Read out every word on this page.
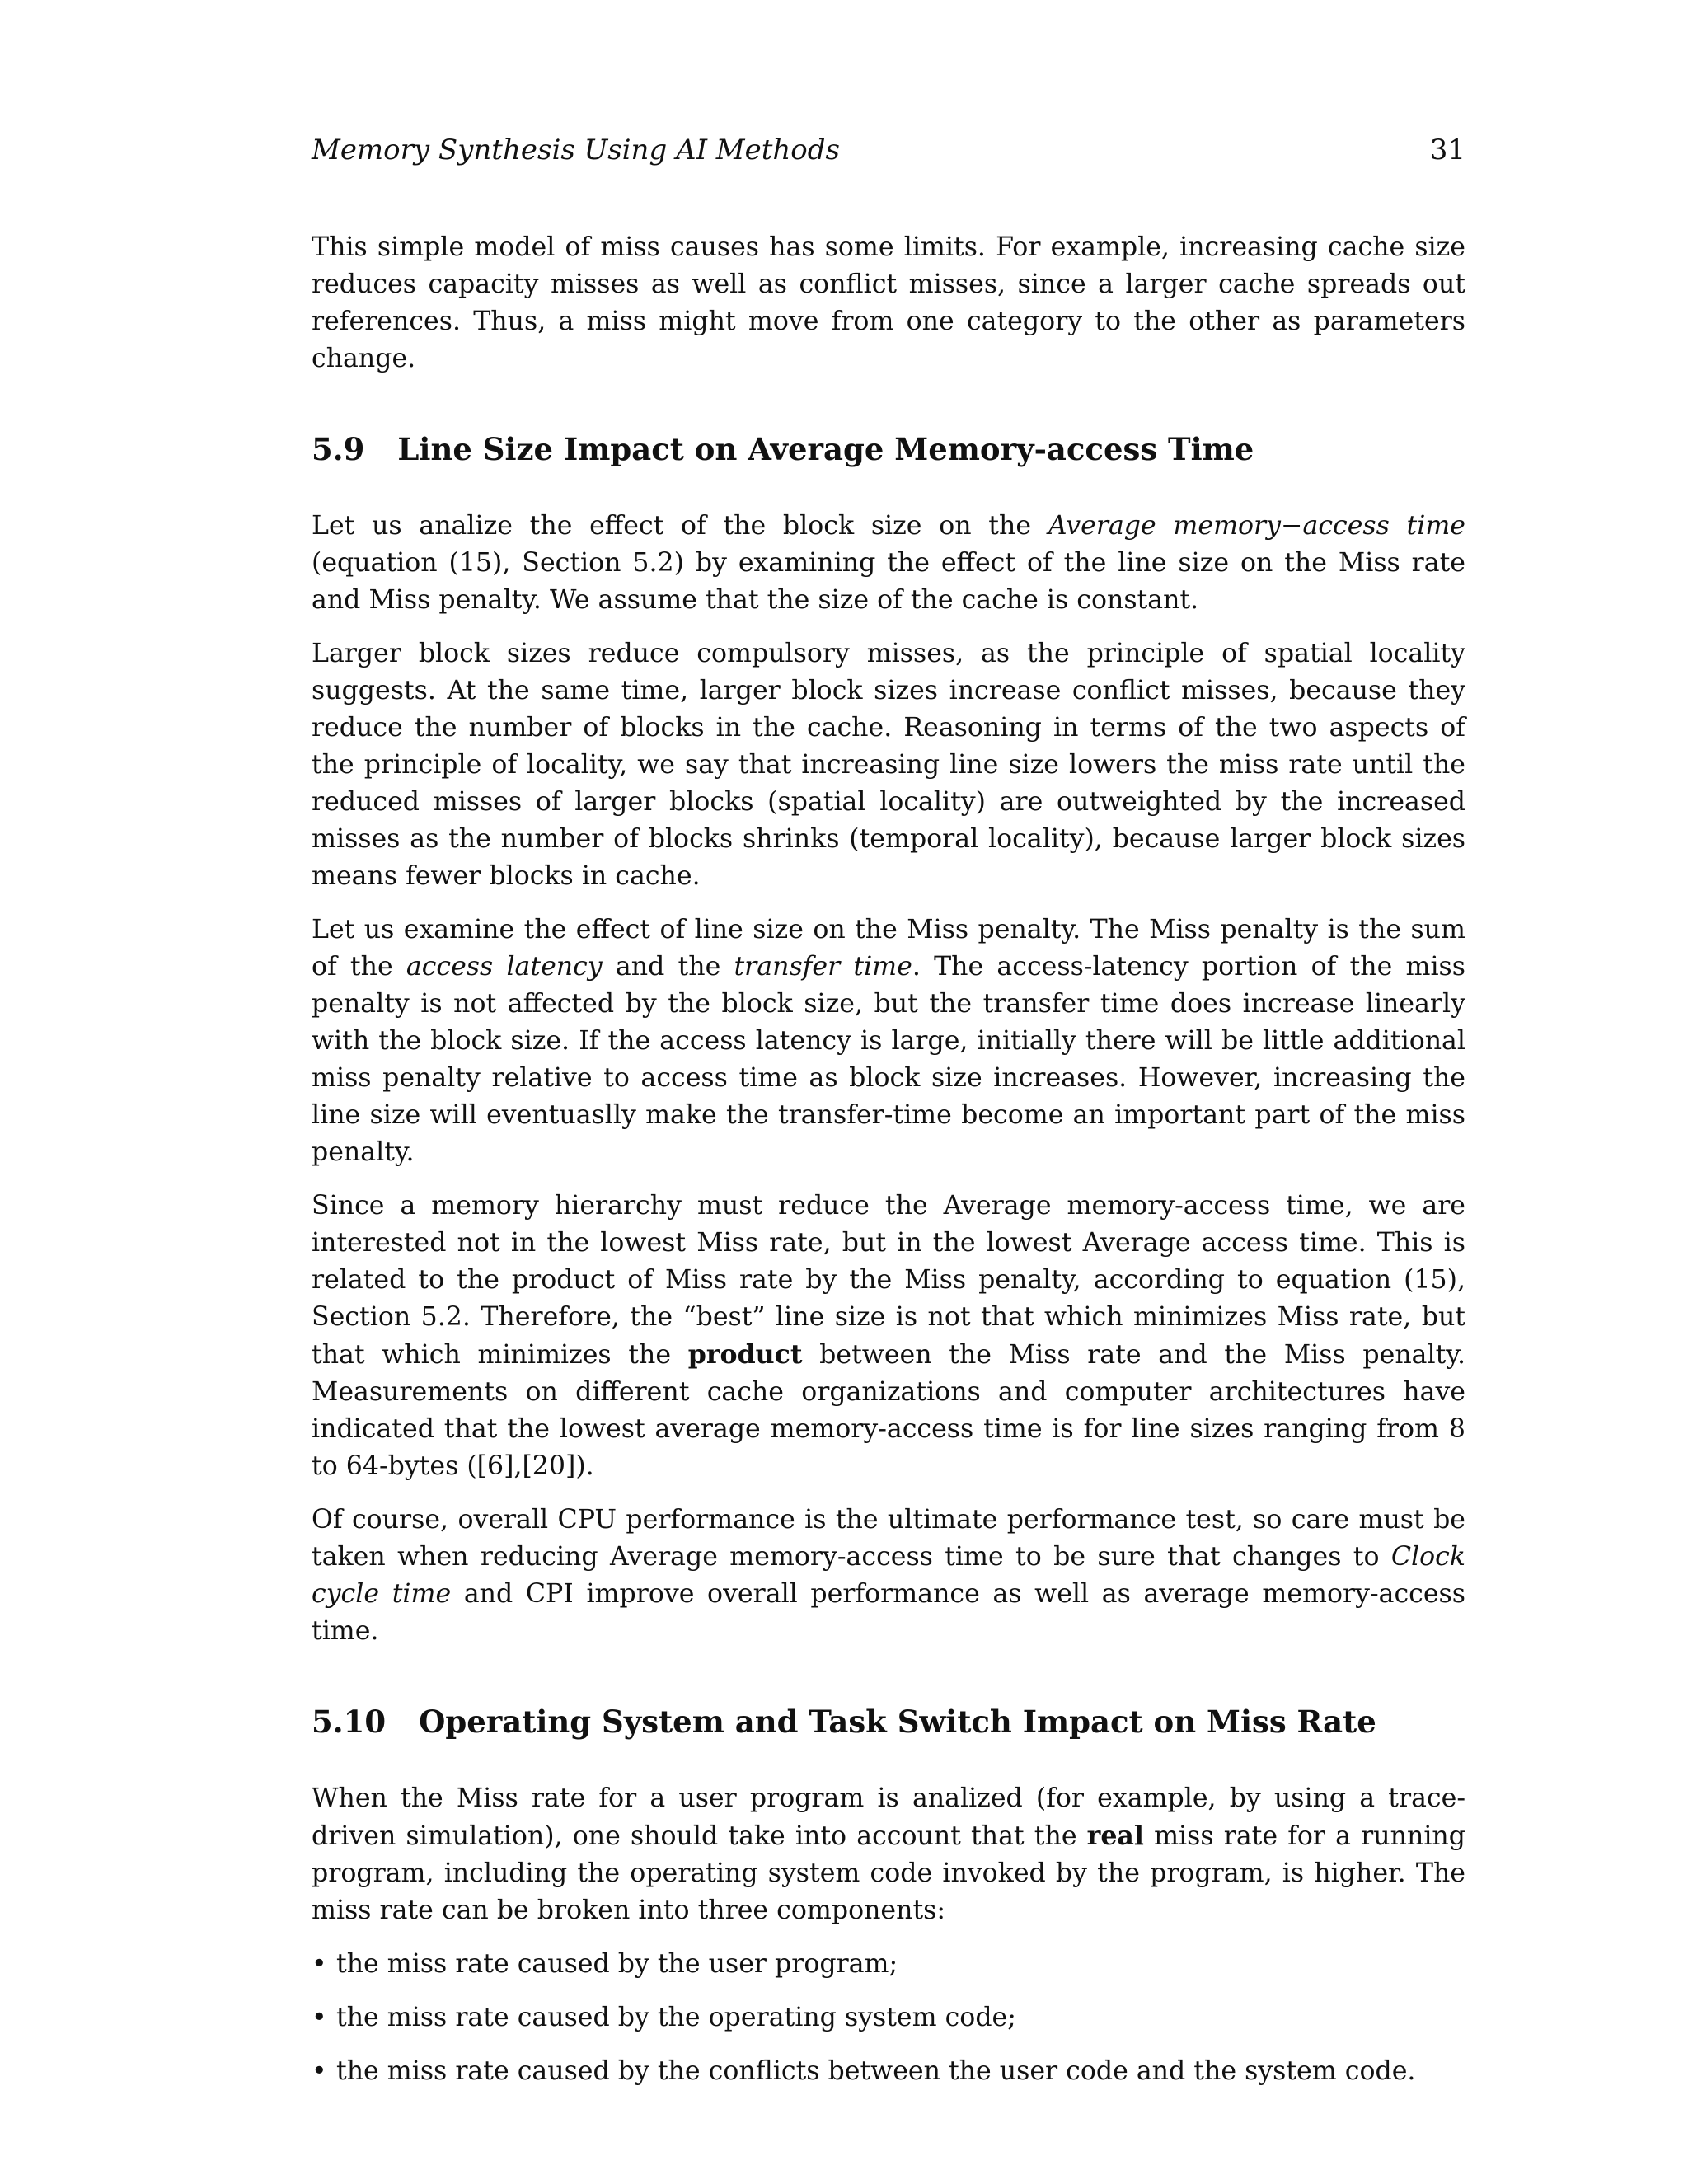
Memory Synthesis Using AI Methods	31

This simple model of miss causes has some limits. For example, increasing cache size reduces capacity misses as well as conflict misses, since a larger cache spreads out references. Thus, a miss might move from one category to the other as parameters change.

5.9 Line Size Impact on Average Memory-access Time

Let us analize the effect of the block size on the Average memory−access time (equation (15), Section 5.2) by examining the effect of the line size on the Miss rate and Miss penalty. We assume that the size of the cache is constant.

Larger block sizes reduce compulsory misses, as the principle of spatial locality suggests. At the same time, larger block sizes increase conflict misses, because they reduce the number of blocks in the cache. Reasoning in terms of the two aspects of the principle of locality, we say that increasing line size lowers the miss rate until the reduced misses of larger blocks (spatial locality) are outweighted by the increased misses as the number of blocks shrinks (temporal locality), because larger block sizes means fewer blocks in cache.

Let us examine the effect of line size on the Miss penalty. The Miss penalty is the sum of the access latency and the transfer time. The access-latency portion of the miss penalty is not affected by the block size, but the transfer time does increase linearly with the block size. If the access latency is large, initially there will be little additional miss penalty relative to access time as block size increases. However, increasing the line size will eventuaslly make the transfer-time become an important part of the miss penalty.

Since a memory hierarchy must reduce the Average memory-access time, we are interested not in the lowest Miss rate, but in the lowest Average access time. This is related to the product of Miss rate by the Miss penalty, according to equation (15), Section 5.2. Therefore, the “best” line size is not that which minimizes Miss rate, but that which minimizes the product between the Miss rate and the Miss penalty. Measurements on different cache organizations and computer architectures have indicated that the lowest average memory-access time is for line sizes ranging from 8 to 64-bytes ([6],[20]).

Of course, overall CPU performance is the ultimate performance test, so care must be taken when reducing Average memory-access time to be sure that changes to Clock cycle time and CPI improve overall performance as well as average memory-access time.

5.10 Operating System and Task Switch Impact on Miss Rate

When the Miss rate for a user program is analized (for example, by using a trace-driven simulation), one should take into account that the real miss rate for a running program, including the operating system code invoked by the program, is higher. The miss rate can be broken into three components:

• the miss rate caused by the user program;
• the miss rate caused by the operating system code;
• the miss rate caused by the conflicts between the user code and the system code.
